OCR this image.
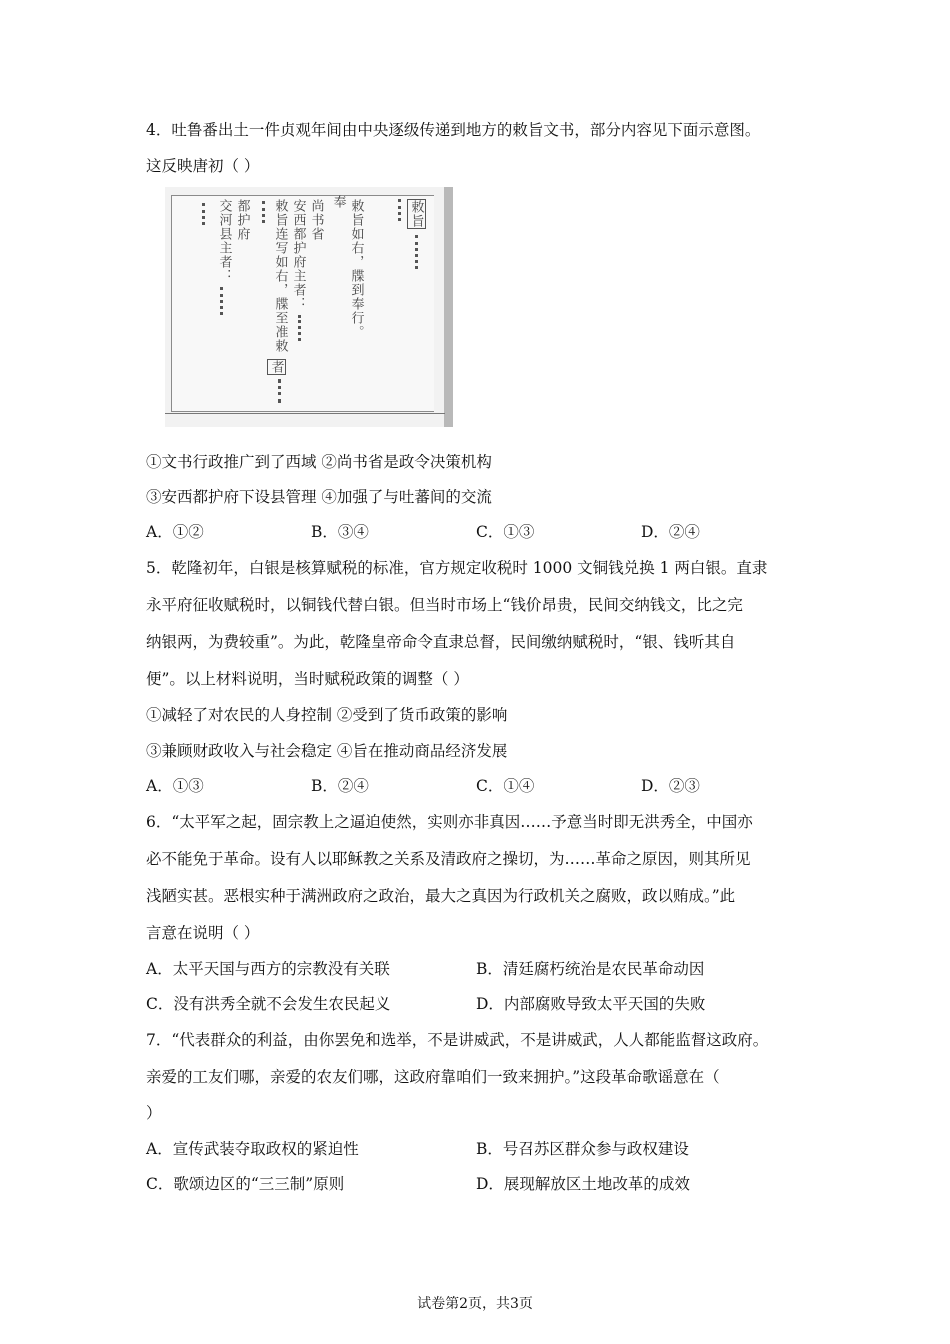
4．吐鲁番出土一件贞观年间由中央逐级传递到地方的敕旨文书，部分内容见下面示意图。
这反映唐初（ ）
敕旨
敕旨如右，牒到奉行。
奉
尚书省
安西都护府主者：
敕旨连写如右，牒至准敕
者
都护府
交河县主者：
①文书行政推广到了西域 ②尚书省是政令决策机构
③安西都护府下设县管理 ④加强了与吐蕃间的交流
A．①②	B．③④	C．①③	D．②④
5．乾隆初年，白银是核算赋税的标准，官方规定收税时 1000 文铜钱兑换 1 两白银。直隶
永平府征收赋税时，以铜钱代替白银。但当时市场上“钱价昂贵，民间交纳钱文，比之完
纳银两，为费较重”。为此，乾隆皇帝命令直隶总督，民间缴纳赋税时，“银、钱听其自
便”。以上材料说明，当时赋税政策的调整（ ）
①减轻了对农民的人身控制 ②受到了货币政策的影响
③兼顾财政收入与社会稳定 ④旨在推动商品经济发展
A．①③	B．②④	C．①④	D．②③
6．“太平军之起，固宗教上之逼迫使然，实则亦非真因……予意当时即无洪秀全，中国亦
必不能免于革命。设有人以耶稣教之关系及清政府之操切，为……革命之原因，则其所见
浅陋实甚。恶根实种于满洲政府之政治，最大之真因为行政机关之腐败，政以贿成。”此
言意在说明（ ）
A．太平天国与西方的宗教没有关联	B．清廷腐朽统治是农民革命动因
C．没有洪秀全就不会发生农民起义	D．内部腐败导致太平天国的失败
7．“代表群众的利益，由你罢免和选举，不是讲威武，不是讲威武，人人都能监督这政府。
亲爱的工友们哪，亲爱的农友们哪，这政府靠咱们一致来拥护。”这段革命歌谣意在（
）
A．宣传武装夺取政权的紧迫性	B．号召苏区群众参与政权建设
C．歌颂边区的“三三制”原则	D．展现解放区土地改革的成效
试卷第2页，共3页
